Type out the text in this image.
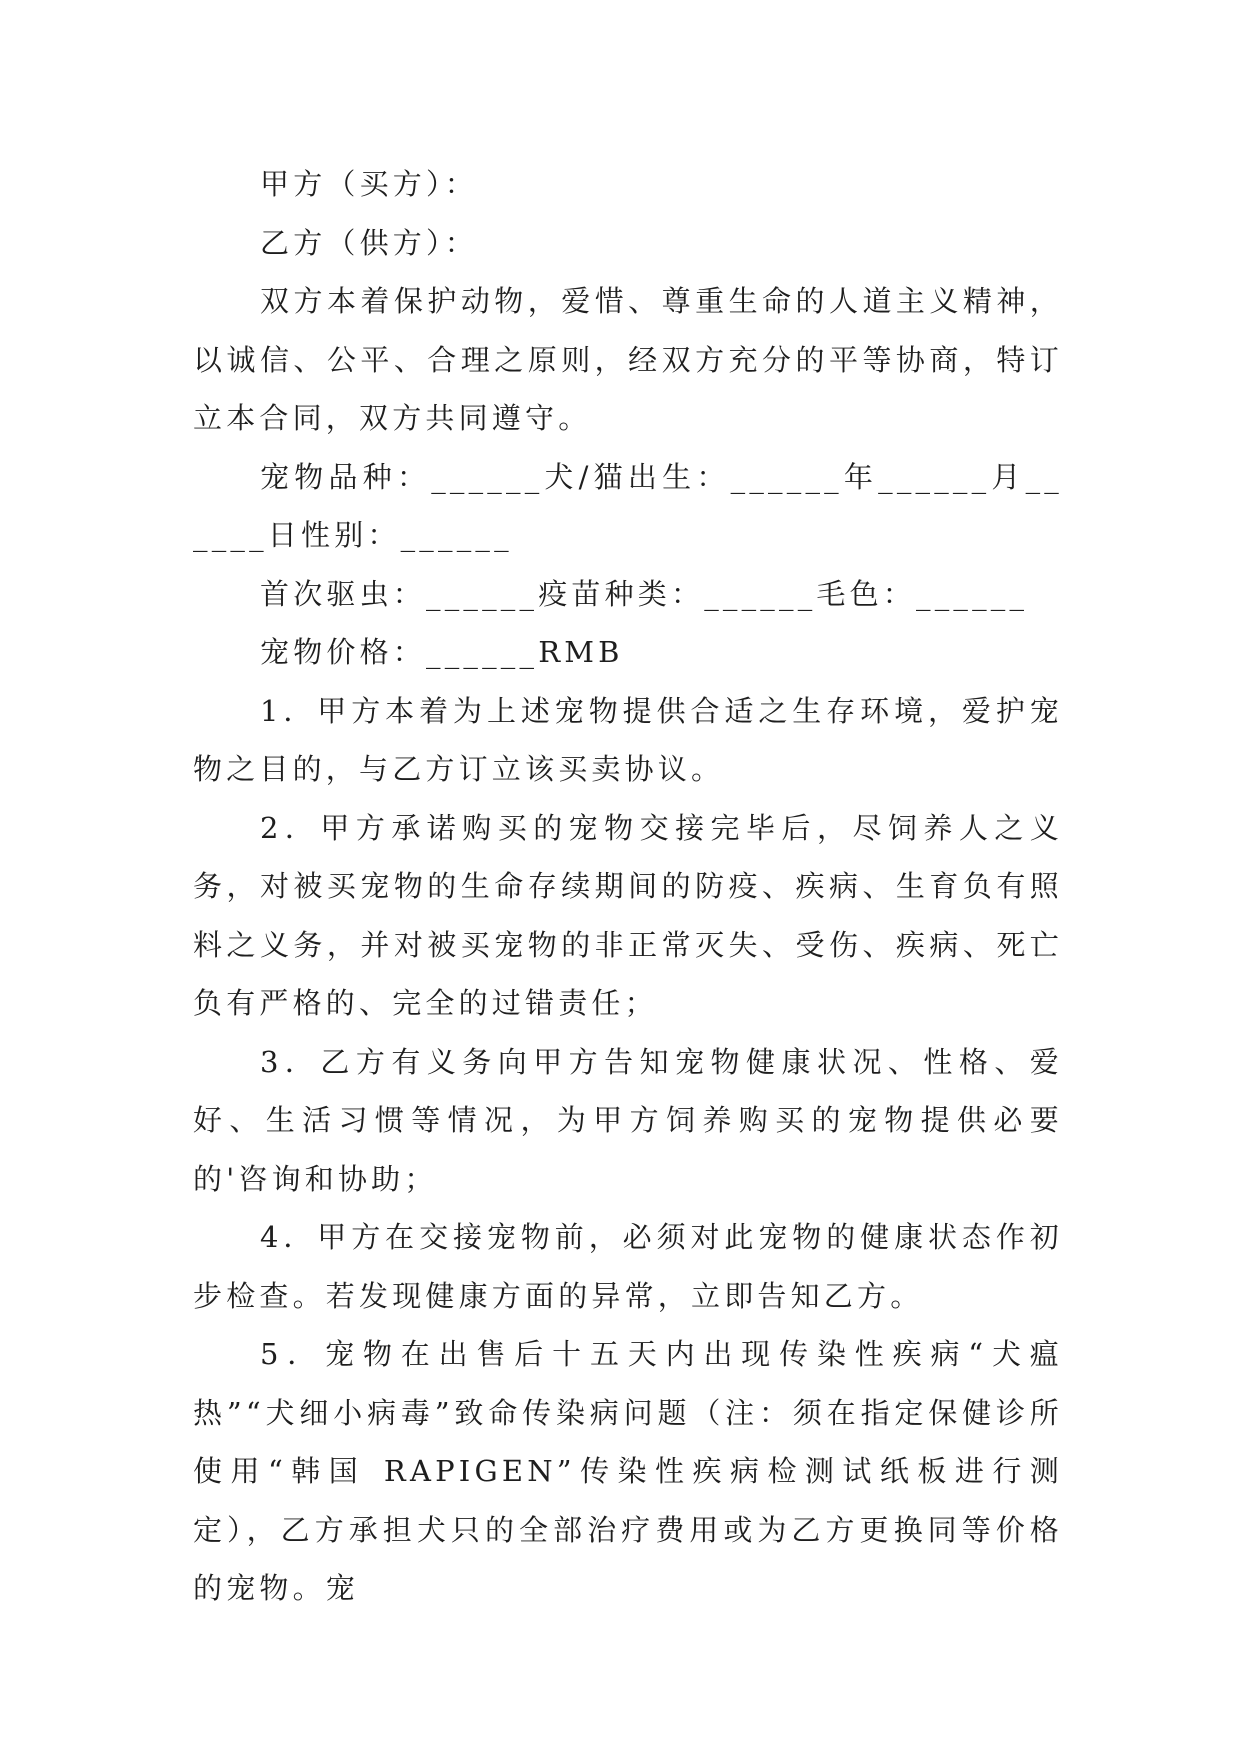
甲方（买方）：

乙方（供方）：

双方本着保护动物，爱惜、尊重生命的人道主义精神，以诚信、公平、合理之原则，经双方充分的平等协商，特订立本合同，双方共同遵守。

宠物品种：______犬/猫出生：______年______月______日性别：______

首次驱虫：______疫苗种类：______毛色：______

宠物价格：______RMB

1．甲方本着为上述宠物提供合适之生存环境，爱护宠物之目的，与乙方订立该买卖协议。

2．甲方承诺购买的宠物交接完毕后，尽饲养人之义务，对被买宠物的生命存续期间的防疫、疾病、生育负有照料之义务，并对被买宠物的非正常灭失、受伤、疾病、死亡负有严格的、完全的过错责任；

3．乙方有义务向甲方告知宠物健康状况、性格、爱好、生活习惯等情况，为甲方饲养购买的宠物提供必要的'咨询和协助；

4．甲方在交接宠物前，必须对此宠物的健康状态作初步检查。若发现健康方面的异常，立即告知乙方。

5．宠物在出售后十五天内出现传染性疾病“犬瘟热”“犬细小病毒”致命传染病问题（注：须在指定保健诊所使用“韩国 RAPIGEN”传染性疾病检测试纸板进行测定），乙方承担犬只的全部治疗费用或为乙方更换同等价格的宠物。宠
